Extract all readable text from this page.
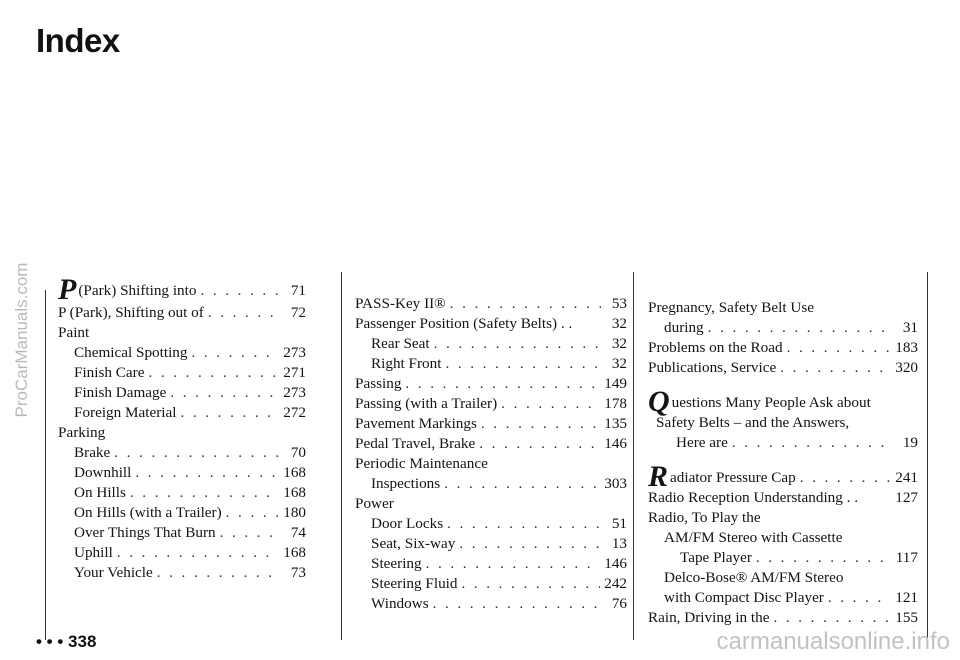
ProCarManuals.com
Index
P (Park) Shifting into . . .	71
P (Park), Shifting out of . . .	72
Paint
Chemical Spotting . . .	273
Finish Care . . .	271
Finish Damage . . .	273
Foreign Material . . .	272
Parking
Brake . . .	70
Downhill . . .	168
On Hills . . .	168
On Hills (with a Trailer) . . .	180
Over Things That Burn . . .	74
Uphill . . .	168
Your Vehicle . . .	73
PASS-Key II® . . .	53
Passenger Position (Safety Belts) . .	32
Rear Seat . . .	32
Right Front . . .	32
Passing . . .	149
Passing (with a Trailer) . . .	178
Pavement Markings . . .	135
Pedal Travel, Brake . . .	146
Periodic Maintenance
Inspections . . .	303
Power
Door Locks . . .	51
Seat, Six-way . . .	13
Steering . . .	146
Steering Fluid . . .	242
Windows . . .	76
Pregnancy, Safety Belt Use
during . . .	31
Problems on the Road . . .	183
Publications, Service . . .	320
Questions Many People Ask about
Safety Belts – and the Answers,
Here are . . .	19
Radiator Pressure Cap . . .	241
Radio Reception Understanding . . 127
Radio, To Play the
AM/FM Stereo with Cassette
Tape Player . . .	117
Delco-Bose® AM/FM Stereo
with Compact Disc Player . . .	121
Rain, Driving in the . . .	155
• • • 338	carmanualsonline.info
